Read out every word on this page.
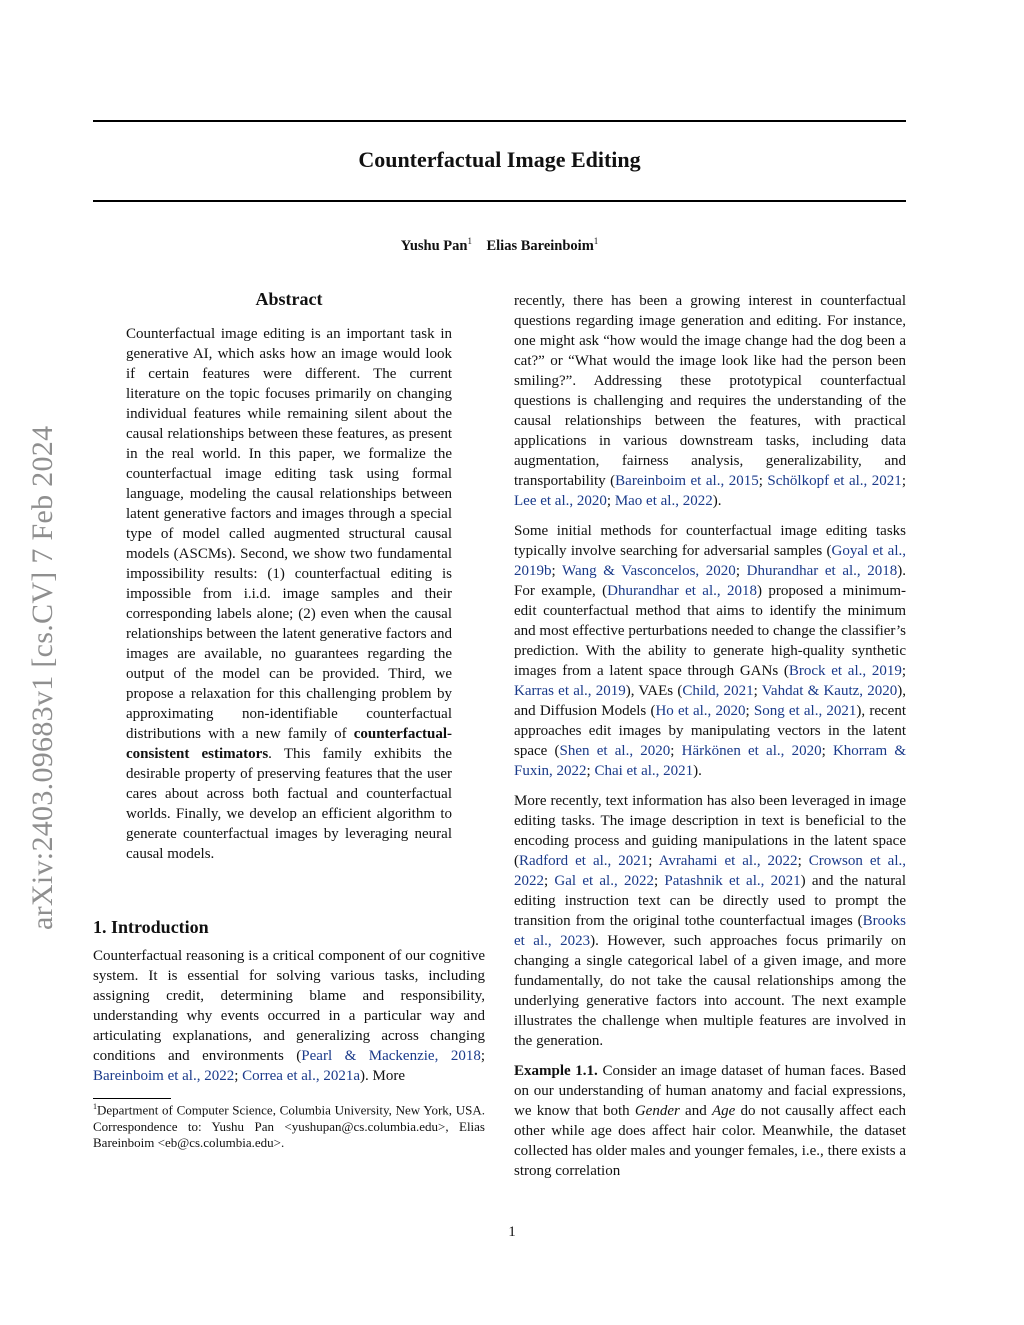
Counterfactual Image Editing
Yushu Pan$^1$ Elias Bareinboim$^1$
arXiv:2403.09683v1 [cs.CV] 7 Feb 2024
Abstract
Counterfactual image editing is an important task in generative AI, which asks how an image would look if certain features were different. The current literature on the topic focuses primarily on changing individual features while remaining silent about the causal relationships between these features, as present in the real world. In this paper, we formalize the counterfactual image editing task using formal language, modeling the causal relationships between latent generative factors and images through a special type of model called augmented structural causal models (ASCMs). Second, we show two fundamental impossibility results: (1) counterfactual editing is impossible from i.i.d. image samples and their corresponding labels alone; (2) even when the causal relationships between the latent generative factors and images are available, no guarantees regarding the output of the model can be provided. Third, we propose a relaxation for this challenging problem by approximating non-identifiable counterfactual distributions with a new family of counterfactual-consistent estimators. This family exhibits the desirable property of preserving features that the user cares about across both factual and counterfactual worlds. Finally, we develop an efficient algorithm to generate counterfactual images by leveraging neural causal models.
1. Introduction
Counterfactual reasoning is a critical component of our cognitive system. It is essential for solving various tasks, including assigning credit, determining blame and responsibility, understanding why events occurred in a particular way and articulating explanations, and generalizing across changing conditions and environments (Pearl & Mackenzie, 2018; Bareinboim et al., 2022; Correa et al., 2021a). More
$^1$Department of Computer Science, Columbia University, New York, USA. Correspondence to: Yushu Pan <yushupan@cs.columbia.edu>, Elias Bareinboim <eb@cs.columbia.edu>.

recently, there has been a growing interest in counterfactual questions regarding image generation and editing. For instance, one might ask “how would the image change had the dog been a cat?” or “What would the image look like had the person been smiling?”. Addressing these prototypical counterfactual questions is challenging and requires the understanding of the causal relationships between the features, with practical applications in various downstream tasks, including data augmentation, fairness analysis, generalizability, and transportability (Bareinboim et al., 2015; Schölkopf et al., 2021; Lee et al., 2020; Mao et al., 2022).

Some initial methods for counterfactual image editing tasks typically involve searching for adversarial samples (Goyal et al., 2019b; Wang & Vasconcelos, 2020; Dhurandhar et al., 2018). For example, (Dhurandhar et al., 2018) proposed a minimum-edit counterfactual method that aims to identify the minimum and most effective perturbations needed to change the classifier’s prediction. With the ability to generate high-quality synthetic images from a latent space through GANs (Brock et al., 2019; Karras et al., 2019), VAEs (Child, 2021; Vahdat & Kautz, 2020), and Diffusion Models (Ho et al., 2020; Song et al., 2021), recent approaches edit images by manipulating vectors in the latent space (Shen et al., 2020; Härkönen et al., 2020; Khorram & Fuxin, 2022; Chai et al., 2021).

More recently, text information has also been leveraged in image editing tasks. The image description in text is beneficial to the encoding process and guiding manipulations in the latent space (Radford et al., 2021; Avrahami et al., 2022; Crowson et al., 2022; Gal et al., 2022; Patashnik et al., 2021) and the natural editing instruction text can be directly used to prompt the transition from the original tothe counterfactual images (Brooks et al., 2023). However, such approaches focus primarily on changing a single categorical label of a given image, and more fundamentally, do not take the causal relationships among the underlying generative factors into account. The next example illustrates the challenge when multiple features are involved in the generation.

Example 1.1. Consider an image dataset of human faces. Based on our understanding of human anatomy and facial expressions, we know that both Gender and Age do not causally affect each other while age does affect hair color. Meanwhile, the dataset collected has older males and younger females, i.e., there exists a strong correlation

1
